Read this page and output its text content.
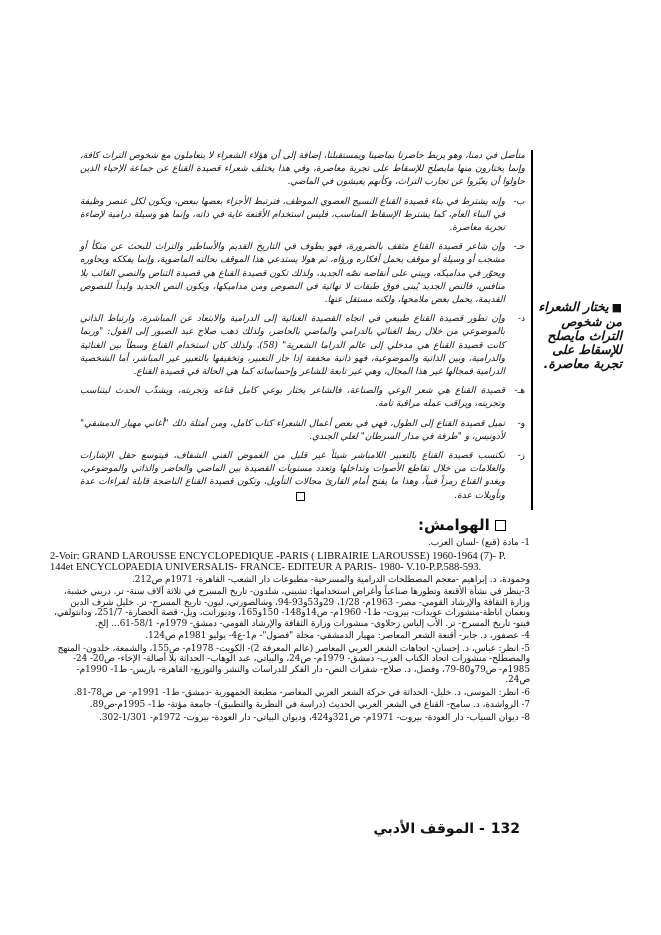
متأصل في دمنا، وهو يربط حاضرنا بماضينا ويمستقبلنا، إضافة إلى أن هؤلاء الشعراء لا يتعاملون مع شخوص التراث كافة، وإنما يختارون منها مايصلح للإسقاط على تجربة معاصرة، وفي هذا يختلف شعراء قصيدة القناع عن جماعة الإحياء الذين حاولوا أن يعبّروا عن تجارب التراث، وكأنهم يعيشون في الماضي.

ب-
وإنه يشترط في بناء قصيدة القناع النسيج العضوي الموظف، فترتبط الأجزاء بعضها ببعض، ويكون لكل عنصر وظيفة في البناء العام، كما يشترط الإسقاط المناسب، فليس استخدام الأقنعة غاية في ذاته، وإنما هو وسيلة درامية لإضاءة تجربة معاصرة.
جـ-
وإن شاعر قصيدة القناع مثقف بالضرورة، فهو يطوف في التاريخ القديم والأساطير والتراث للبحث عن متكأ أو مشجب أو وسيلة أو موقف يحمل أفكاره ورؤاه، ثم هولا يستدعي هذا الموقف بحالته الماضوية، وإنما يفككه ويحاوره ويحوّر في مداميكه، ويبني على أنقاضه نصّه الجديد، ولذلك تكون قصيدة القناع هي قصيدة التناص والنصي الغائب بلا منافس، فالنص الجديد يُبنى فوق طبقات لا نهائية في النصوص ومن مداميكها، ويكون النص الجديد وليداً للنصوص القديمة، يحمل بعض ملامحها، ولكنه مستقل عنها.
د-
وإن تطور قصيدة القناع طبيعي في اتجاه القصيدة الغنائية إلى الدرامية والابتعاد عن المباشرة، وارتباط الذاتي بالموضوعي من خلال ربط الغنائي بالدرامي والماضي بالحاضر، ولذلك ذهب صلاح عبد الصبور إلى القول: "وربما كانت قصيدة القناع هي مدخلي إلى عالم الدراما الشعرية" (58)، ولذلك كان استخدام القناع وسطاً بين الغنائية والدرامية، وبين الذاتية والموضوعية، فهو ذاتية مخففة إذا جاز التعبير، وتخفيفها بالتعبير غير المباشر، أما الشخصية الدرامية فمجالها غير هذا المجال، وهي غير تابعة للشاعر وإحساساته كما هي الحالة في قصيدة القناع.
هـ-
قصيدة القناع هي شعر الوعي والصناعة، فالشاعر يختار بوعي كامل قناعه وتجربته، ويشذّب الحدث ليتناسب وتجربته، ويراقب عمله مراقبة تامة.
و-
تميل قصيدة القناع إلى الطول، فهي في بعض أعمال الشعراء كتاب كامل، ومن أمثلة ذلك "أغاني مهيار الدمشقي" لأدونيس، و "طرفة في مدار السرطان" لعلي الجندي.
ز-
تكتسب قصيدة القناع بالتعبير اللامباشر شيئاً غير قليل من الغموض الفني الشفاف، فيتوسع حقل الإشارات والعلامات من خلال تقاطع الأصوات وتداخلها وتعدد مستويات القصيدة بين الماضي والحاضر والذاتي والموضوعي، ويغدو القناع رمزاً فنياً، وهذا ما يفتح أمام القارئ مجالات التأويل، وتكون قصيدة القناع الناضجة قابلة لقراءات عدة وتأويلات عدة.
■يختار الشعراء من شخوص التراث مايصلح للإسقاط على تجربة معاصرة.
الهوامش:

1- مادة (قنع) -لسان العرب.

2-Voir: GRAND LAROUSSE ENCYCLOPEDIQUE -PARIS ( LIBRAIRIE LAROUSSE) 1960-1964 (7)- P. 144et ENCYCLOPAEDIA UNIVERSALIS- FRANCE- EDITEUR A PARIS- 1980- V.10-P.P.588-593.

وحمودة، د. إبراهيم -معجم المصطلحات الدرامية والمسرحية- مطبوعات دار الشعب- القاهرة- 1971م ص212.

3-ينظر في نشأة الأقنعة وتطورها صناعياً وأغراض استخدامها: تشيني، شلدون- تاريخ المسرح في ثلاثة آلاف سنة- تر. دريني خشبة، وزارة الثقافة والإرشاد القومي- مصر- 1963م- 1/28، 29و53و93-94، وشالصورتي، ليون- تاريخ المسرح- تر. خليل شرف الدين ونعمان اباظة-منشورات عويدات- بيروت- ط1- 1960م- ص14و148- 150و165، وديورانت، ويل- قصة الحضارة- 251/7، ودانتولفي، فيتو- تاريخ المسرح- تر. الأب إلياس زحلاوي- منشورات وزارة الثقافة والإرشاد القومي- دمشق- 1979م- 58/1-61... إلخ.

4- عصفور، د. جابر- أقنعة الشعر المعاصر: مهيار الدمشقي- مجلة "فصول"- م1-ع4- يوليو 1981م ص124.

5- انظر: عباس، د. إحسان- اتجاهات الشعر العربي المعاصر (عالم المعرفة 2)- الكويت- 1978م- ص155، والشمعة، خلدون- المنهج والمصطلح- منشورات اتحاد الكتاب العرب- دمشق- 1979م- ص24، والبياتي، عبد الوهاب- الحداثة بلا أصالة- الإخاء- ص20- 24- 1985م- ص79و80-79، وفضل، د. صلاح- شفرات النص- دار الفكر للدراسات والنشر والتوزيع- القاهرة- باريس- ط1- 1990م- ص24.

6- انظر: الموسى، د. خليل- الحداثة في حركة الشعر العربي المعاصر- مطبعة الجمهورية -دمشق- ط1- 1991م- ص ص78-81.

7- الرواشدة، د. سامح- القناع في الشعر العربي الحديث (دراسة في النظرية والتطبيق)- جامعة مؤتة- ط1- 1995م-ص89.

8- ديوان السياب- دار العودة- بيروت- 1971م- ص321و424، وديوان البياتي- دار العودة- بيروت- 1972م- 1/301-302.

132- الموقف الأدبي
